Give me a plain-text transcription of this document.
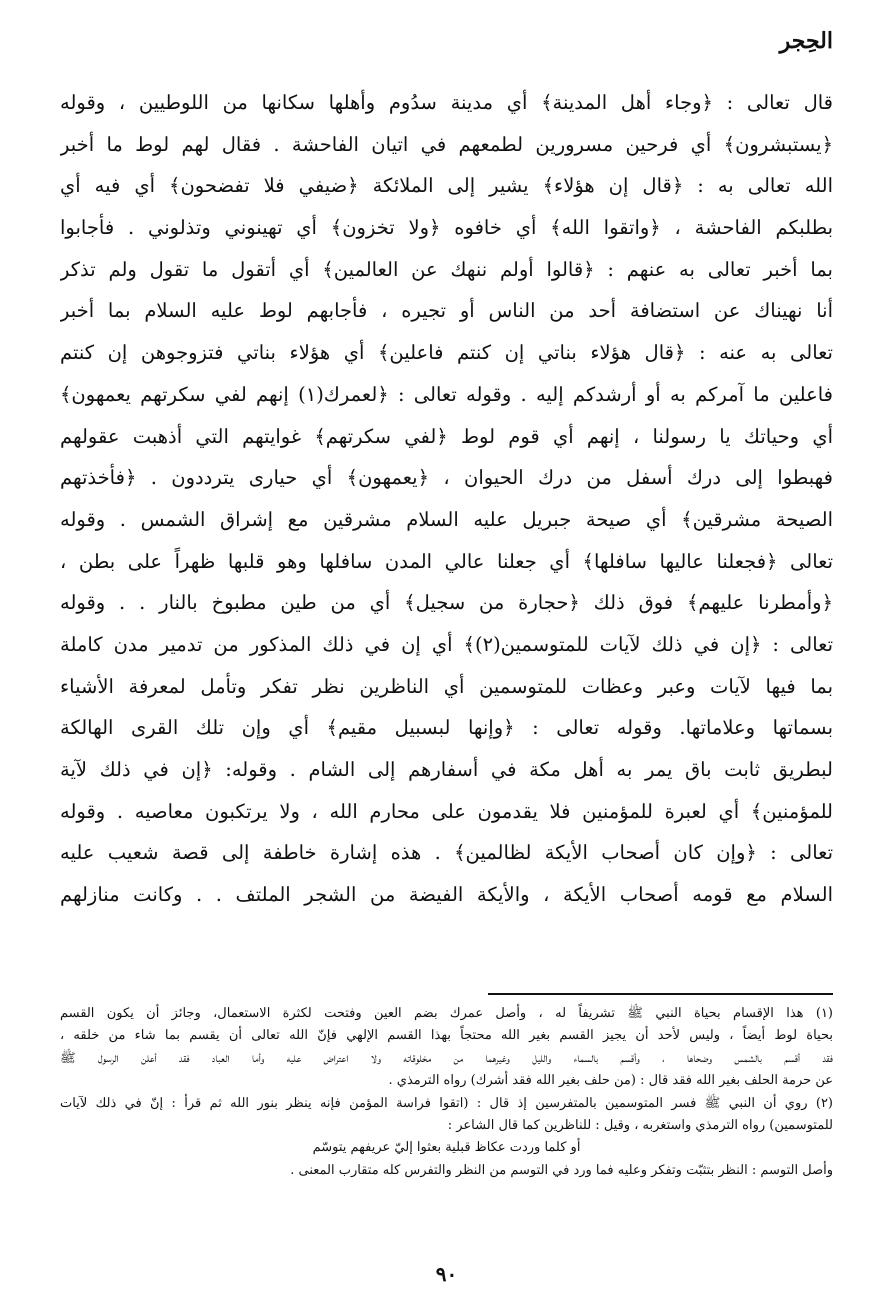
الحِجر
قال تعالى : ﴿وجاء أهل المدينة﴾ أي مدينة سدُوم وأهلها سكانها من اللوطيين ، وقوله
﴿يستبشرون﴾ أي فرحين مسرورين لطمعهم في اتيان الفاحشة . فقال لهم لوط ما أخبر
الله تعالى به : ﴿قال إن هؤلاء﴾ يشير إلى الملائكة ﴿ضيفي فلا تفضحون﴾ أي فيه أي
بطلبكم الفاحشة ، ﴿واتقوا الله﴾ أي خافوه ﴿ولا تخزون﴾ أي تهينوني وتذلوني . فأجابوا
بما أخبر تعالى به عنهم : ﴿قالوا أولم ننهك عن العالمين﴾ أي أتقول ما تقول ولم تذكر
أنا نهيناك عن استضافة أحد من الناس أو تجيره ، فأجابهم لوط عليه السلام بما أخبر
تعالى به عنه : ﴿قال هؤلاء بناتي إن كنتم فاعلين﴾ أي هؤلاء بناتي فتزوجوهن إن كنتم
فاعلين ما آمركم به أو أرشدكم إليه . وقوله تعالى : ﴿لعمرك(١) إنهم لفي سكرتهم يعمهون﴾
أي وحياتك يا رسولنا ، إنهم أي قوم لوط ﴿لفي سكرتهم﴾ غوايتهم التي أذهبت عقولهم
فهبطوا إلى درك أسفل من درك الحيوان ، ﴿يعمهون﴾ أي حيارى يترددون . ﴿فأخذتهم
الصيحة مشرقين﴾ أي صيحة جبريل عليه السلام مشرقين مع إشراق الشمس . وقوله
تعالى ﴿فجعلنا عاليها سافلها﴾ أي جعلنا عالي المدن سافلها وهو قلبها ظهراً على بطن ،
﴿وأمطرنا عليهم﴾ فوق ذلك ﴿حجارة من سجيل﴾ أي من طين مطبوخ بالنار . . وقوله
تعالى : ﴿إن في ذلك لآيات للمتوسمين(٢)﴾ أي إن في ذلك المذكور من تدمير مدن كاملة
بما فيها لآيات وعبر وعظات للمتوسمين أي الناظرين نظر تفكر وتأمل لمعرفة الأشياء
بسماتها وعلاماتها. وقوله تعالى : ﴿وإنها لبسبيل مقيم﴾ أي وإن تلك القرى الهالكة
لبطريق ثابت باق يمر به أهل مكة في أسفارهم إلى الشام . وقوله: ﴿إن في ذلك لآية
للمؤمنين﴾ أي لعبرة للمؤمنين فلا يقدمون على محارم الله ، ولا يرتكبون معاصيه . وقوله
تعالى : ﴿وإن كان أصحاب الأيكة لظالمين﴾ . هذه إشارة خاطفة إلى قصة شعيب عليه
السلام مع قومه أصحاب الأيكة ، والأيكة الفيضة من الشجر الملتف . . وكانت منازلهم
(١) هذا الإقسام بحياة النبي ﷺ تشريفاً له ، وأصل عمرك بضم العين وفتحت لكثرة الاستعمال، وجائز أن يكون القسم
بحياة لوط أيضاً ، وليس لأحد أن يجيز القسم بغير الله محتجاً بهذا القسم الإلهي فإنّ الله تعالى أن يقسم بما شاء من خلقه ،
فقد أقسم بالشمس وضحاها ، وأقسم بالسماء والليل وغيرهما من مخلوقاته ولا اعتراض عليه وأما العباد فقد أعلن الرسول ﷺ
عن حرمة الحلف بغير الله فقد قال : (من حلف بغير الله فقد أشرك) رواه الترمذي .
(٢) روي أن النبي ﷺ فسر المتوسمين بالمتفرسين إذ قال : (اتقوا فراسة المؤمن فإنه ينظر بنور الله ثم قرأ : إنّ في ذلك لآيات
للمتوسمين) رواه الترمذي واستغربه ، وقيل : للناظرين كما قال الشاعر :
أو كلما وردت عكاظ قبلية بعثوا إليّ عريفهم يتوسّم
وأصل التوسم : النظر بتثبّت وتفكر وعليه فما ورد في التوسم من النظر والتفرس كله متقارب المعنى .
٩٠
